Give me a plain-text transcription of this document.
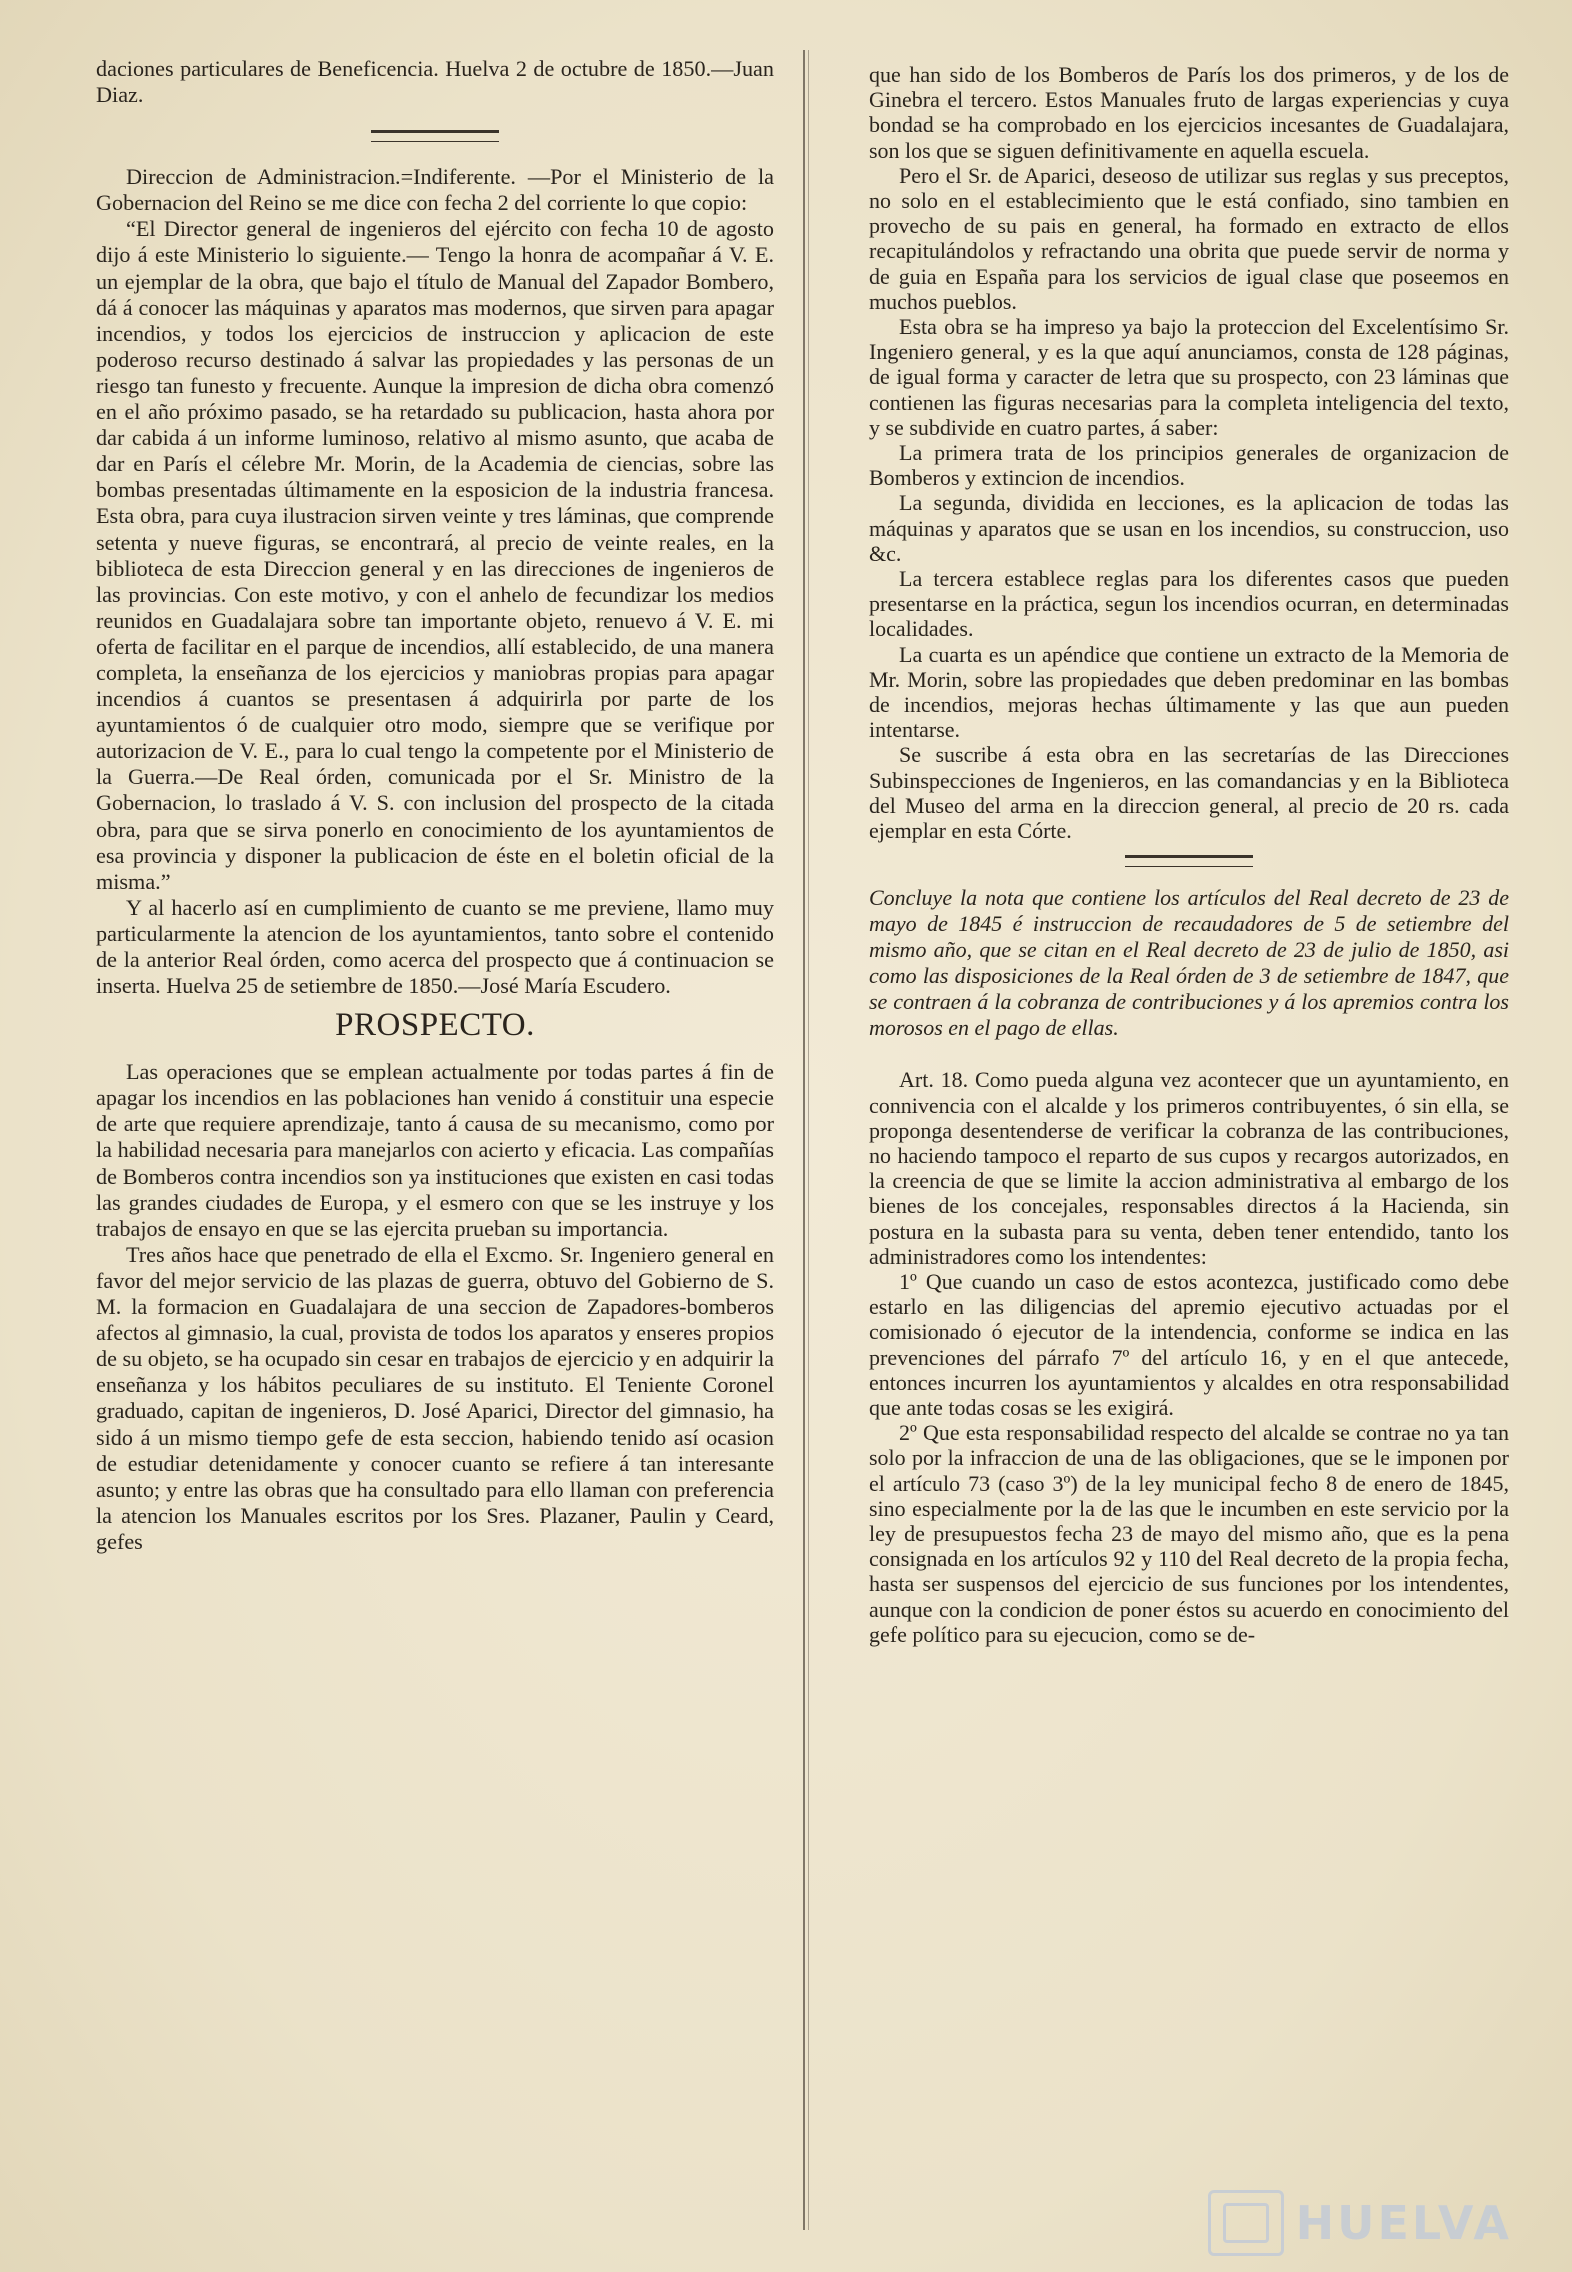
daciones particulares de Beneficencia. Huelva 2 de octubre de 1850.—Juan Diaz.

Direccion de Administracion.=Indiferente. —Por el Ministerio de la Gobernacion del Reino se me dice con fecha 2 del corriente lo que copio:

“El Director general de ingenieros del ejército con fecha 10 de agosto dijo á este Ministerio lo siguiente.— Tengo la honra de acompañar á V. E. un ejemplar de la obra, que bajo el título de Manual del Zapador Bombero, dá á conocer las máquinas y aparatos mas modernos, que sirven para apagar incendios, y todos los ejercicios de instruccion y aplicacion de este poderoso recurso destinado á salvar las propiedades y las personas de un riesgo tan funesto y frecuente. Aunque la impresion de dicha obra comenzó en el año próximo pasado, se ha retardado su publicacion, hasta ahora por dar cabida á un informe luminoso, relativo al mismo asunto, que acaba de dar en París el célebre Mr. Morin, de la Academia de ciencias, sobre las bombas presentadas últimamente en la esposicion de la industria francesa. Esta obra, para cuya ilustracion sirven veinte y tres láminas, que comprende setenta y nueve figuras, se encontrará, al precio de veinte reales, en la biblioteca de esta Direccion general y en las direcciones de ingenieros de las provincias. Con este motivo, y con el anhelo de fecundizar los medios reunidos en Guadalajara sobre tan importante objeto, renuevo á V. E. mi oferta de facilitar en el parque de incendios, allí establecido, de una manera completa, la enseñanza de los ejercicios y maniobras propias para apagar incendios á cuantos se presentasen á adquirirla por parte de los ayuntamientos ó de cualquier otro modo, siempre que se verifique por autorizacion de V. E., para lo cual tengo la competente por el Ministerio de la Guerra.—De Real órden, comunicada por el Sr. Ministro de la Gobernacion, lo traslado á V. S. con inclusion del prospecto de la citada obra, para que se sirva ponerlo en conocimiento de los ayuntamientos de esa provincia y disponer la publicacion de éste en el boletin oficial de la misma.”

Y al hacerlo así en cumplimiento de cuanto se me previene, llamo muy particularmente la atencion de los ayuntamientos, tanto sobre el contenido de la anterior Real órden, como acerca del prospecto que á continuacion se inserta. Huelva 25 de setiembre de 1850.—José María Escudero.

PROSPECTO.

Las operaciones que se emplean actualmente por todas partes á fin de apagar los incendios en las poblaciones han venido á constituir una especie de arte que requiere aprendizaje, tanto á causa de su mecanismo, como por la habilidad necesaria para manejarlos con acierto y eficacia. Las compañías de Bomberos contra incendios son ya instituciones que existen en casi todas las grandes ciudades de Europa, y el esmero con que se les instruye y los trabajos de ensayo en que se las ejercita prueban su importancia.

Tres años hace que penetrado de ella el Excmo. Sr. Ingeniero general en favor del mejor servicio de las plazas de guerra, obtuvo del Gobierno de S. M. la formacion en Guadalajara de una seccion de Zapadores-bomberos afectos al gimnasio, la cual, provista de todos los aparatos y enseres propios de su objeto, se ha ocupado sin cesar en trabajos de ejercicio y en adquirir la enseñanza y los hábitos peculiares de su instituto. El Teniente Coronel graduado, capitan de ingenieros, D. José Aparici, Director del gimnasio, ha sido á un mismo tiempo gefe de esta seccion, habiendo tenido así ocasion de estudiar detenidamente y conocer cuanto se refiere á tan interesante asunto; y entre las obras que ha consultado para ello llaman con preferencia la atencion los Manuales escritos por los Sres. Plazaner, Paulin y Ceard, gefes

que han sido de los Bomberos de París los dos primeros, y de los de Ginebra el tercero. Estos Manuales fruto de largas experiencias y cuya bondad se ha comprobado en los ejercicios incesantes de Guadalajara, son los que se siguen definitivamente en aquella escuela.

Pero el Sr. de Aparici, deseoso de utilizar sus reglas y sus preceptos, no solo en el establecimiento que le está confiado, sino tambien en provecho de su pais en general, ha formado en extracto de ellos recapitulándolos y refractando una obrita que puede servir de norma y de guia en España para los servicios de igual clase que poseemos en muchos pueblos.

Esta obra se ha impreso ya bajo la proteccion del Excelentísimo Sr. Ingeniero general, y es la que aquí anunciamos, consta de 128 páginas, de igual forma y caracter de letra que su prospecto, con 23 láminas que contienen las figuras necesarias para la completa inteligencia del texto, y se subdivide en cuatro partes, á saber:

La primera trata de los principios generales de organizacion de Bomberos y extincion de incendios.

La segunda, dividida en lecciones, es la aplicacion de todas las máquinas y aparatos que se usan en los incendios, su construccion, uso &c.

La tercera establece reglas para los diferentes casos que pueden presentarse en la práctica, segun los incendios ocurran, en determinadas localidades.

La cuarta es un apéndice que contiene un extracto de la Memoria de Mr. Morin, sobre las propiedades que deben predominar en las bombas de incendios, mejoras hechas últimamente y las que aun pueden intentarse.

Se suscribe á esta obra en las secretarías de las Direcciones Subinspecciones de Ingenieros, en las comandancias y en la Biblioteca del Museo del arma en la direccion general, al precio de 20 rs. cada ejemplar en esta Córte.

Concluye la nota que contiene los artículos del Real decreto de 23 de mayo de 1845 é instruccion de recaudadores de 5 de setiembre del mismo año, que se citan en el Real decreto de 23 de julio de 1850, asi como las disposiciones de la Real órden de 3 de setiembre de 1847, que se contraen á la cobranza de contribuciones y á los apremios contra los morosos en el pago de ellas.

Art. 18. Como pueda alguna vez acontecer que un ayuntamiento, en connivencia con el alcalde y los primeros contribuyentes, ó sin ella, se proponga desentenderse de verificar la cobranza de las contribuciones, no haciendo tampoco el reparto de sus cupos y recargos autorizados, en la creencia de que se limite la accion administrativa al embargo de los bienes de los concejales, responsables directos á la Hacienda, sin postura en la subasta para su venta, deben tener entendido, tanto los administradores como los intendentes:

1º Que cuando un caso de estos acontezca, justificado como debe estarlo en las diligencias del apremio ejecutivo actuadas por el comisionado ó ejecutor de la intendencia, conforme se indica en las prevenciones del párrafo 7º del artículo 16, y en el que antecede, entonces incurren los ayuntamientos y alcaldes en otra responsabilidad que ante todas cosas se les exigirá.

2º Que esta responsabilidad respecto del alcalde se contrae no ya tan solo por la infraccion de una de las obligaciones, que se le imponen por el artículo 73 (caso 3º) de la ley municipal fecho 8 de enero de 1845, sino especialmente por la de las que le incumben en este servicio por la ley de presupuestos fecha 23 de mayo del mismo año, que es la pena consignada en los artículos 92 y 110 del Real decreto de la propia fecha, hasta ser suspensos del ejercicio de sus funciones por los intendentes, aunque con la condicion de poner éstos su acuerdo en conocimiento del gefe político para su ejecucion, como se de-

HUELVA
